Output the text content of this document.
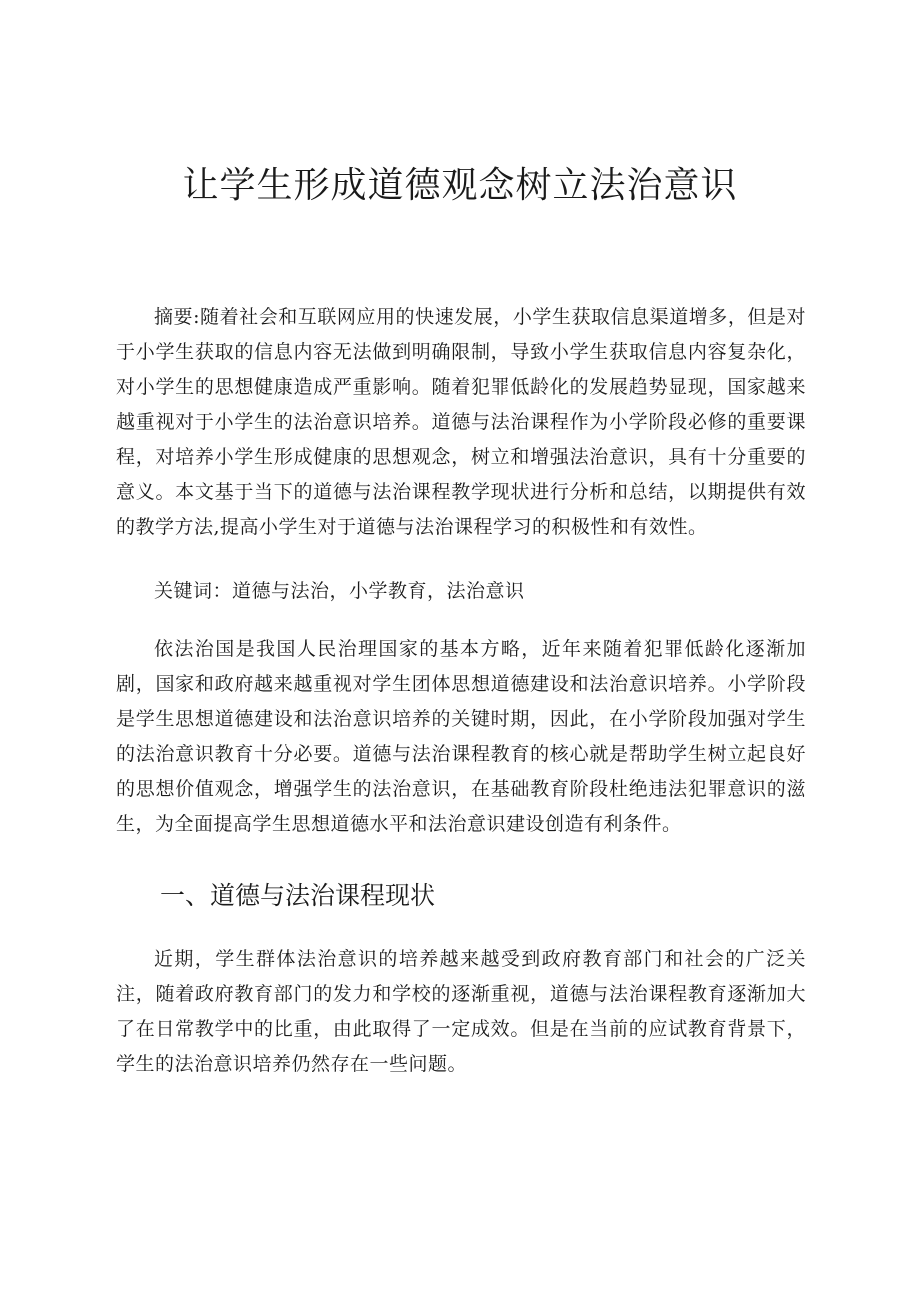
让学生形成道德观念树立法治意识

摘要:随着社会和互联网应用的快速发展，小学生获取信息渠道增多，但是对于小学生获取的信息内容无法做到明确限制，导致小学生获取信息内容复杂化，对小学生的思想健康造成严重影响。随着犯罪低龄化的发展趋势显现，国家越来越重视对于小学生的法治意识培养。道德与法治课程作为小学阶段必修的重要课程，对培养小学生形成健康的思想观念，树立和增强法治意识，具有十分重要的意义。本文基于当下的道德与法治课程教学现状进行分析和总结，以期提供有效的教学方法,提高小学生对于道德与法治课程学习的积极性和有效性。

关键词：道德与法治，小学教育，法治意识

依法治国是我国人民治理国家的基本方略，近年来随着犯罪低龄化逐渐加剧，国家和政府越来越重视对学生团体思想道德建设和法治意识培养。小学阶段是学生思想道德建设和法治意识培养的关键时期，因此，在小学阶段加强对学生的法治意识教育十分必要。道德与法治课程教育的核心就是帮助学生树立起良好的思想价值观念，增强学生的法治意识，在基础教育阶段杜绝违法犯罪意识的滋生，为全面提高学生思想道德水平和法治意识建设创造有利条件。

一、道德与法治课程现状

近期，学生群体法治意识的培养越来越受到政府教育部门和社会的广泛关注，随着政府教育部门的发力和学校的逐渐重视，道德与法治课程教育逐渐加大了在日常教学中的比重，由此取得了一定成效。但是在当前的应试教育背景下，学生的法治意识培养仍然存在一些问题。
